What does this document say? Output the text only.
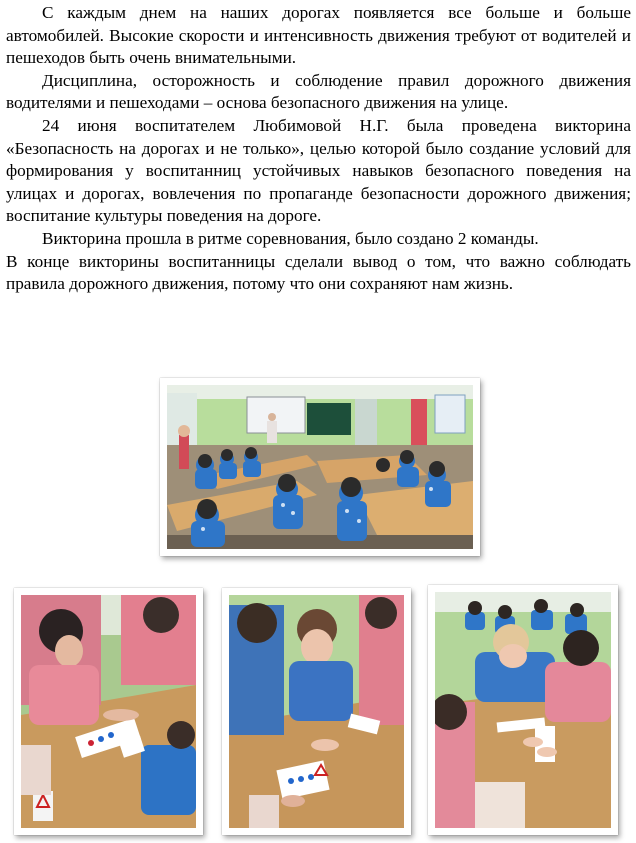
С каждым днем на наших дорогах появляется все больше и больше автомобилей. Высокие скорости и интенсивность движения требуют от водителей и пешеходов быть очень внимательными.

Дисциплина, осторожность и соблюдение правил дорожного движения водителями и пешеходами – основа безопасного движения на улице.

24 июня воспитателем Любимовой Н.Г. была проведена викторина «Безопасность на дорогах и не только», целью которой было создание условий для формирования у воспитанниц устойчивых навыков безопасного поведения на улицах и дорогах, вовлечения по пропаганде безопасности дорожного движения; воспитание культуры поведения на дороге.

Викторина прошла в ритме соревнования, было создано 2 команды.

В конце викторины воспитанницы сделали вывод о том, что важно соблюдать правила дорожного движения, потому что они сохраняют нам жизнь.
